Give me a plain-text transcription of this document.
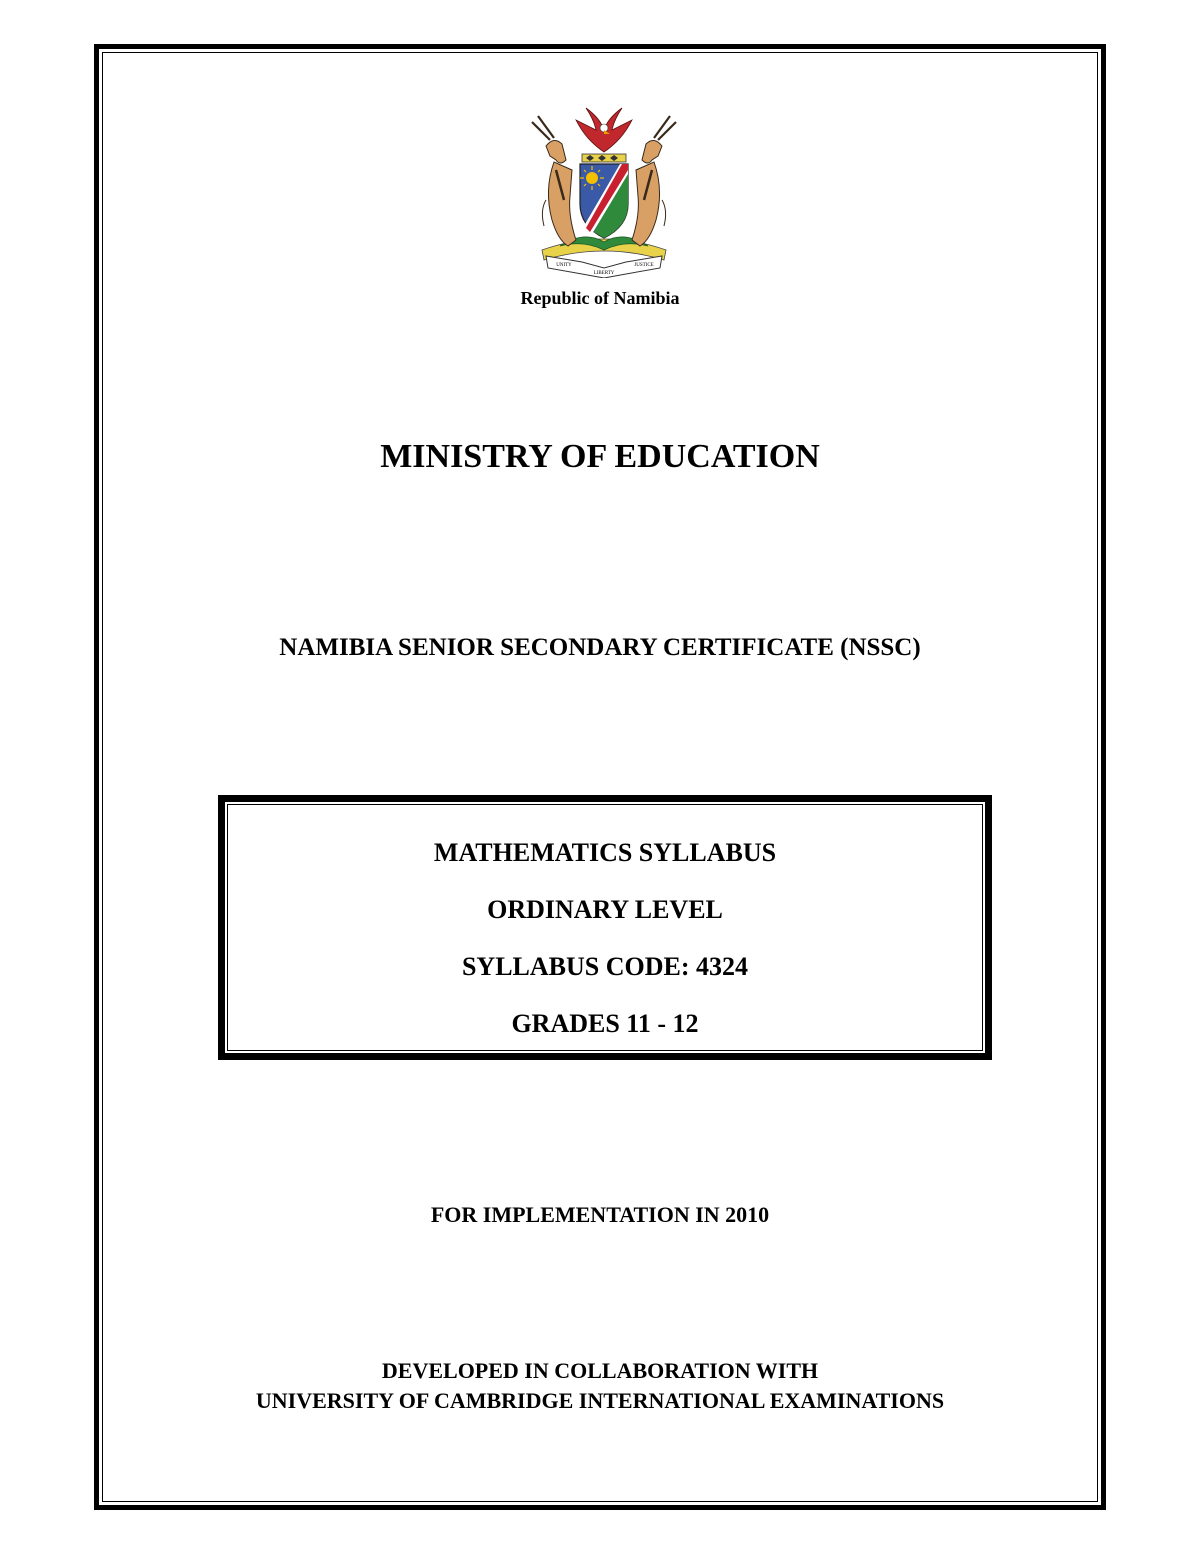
UNITY
LIBERTY
JUSTICE
Republic of Namibia
MINISTRY OF EDUCATION
NAMIBIA SENIOR SECONDARY CERTIFICATE (NSSC)
MATHEMATICS SYLLABUS
ORDINARY LEVEL
SYLLABUS CODE: 4324
GRADES 11 - 12
FOR IMPLEMENTATION IN 2010
DEVELOPED IN COLLABORATION WITH
UNIVERSITY OF CAMBRIDGE INTERNATIONAL EXAMINATIONS
